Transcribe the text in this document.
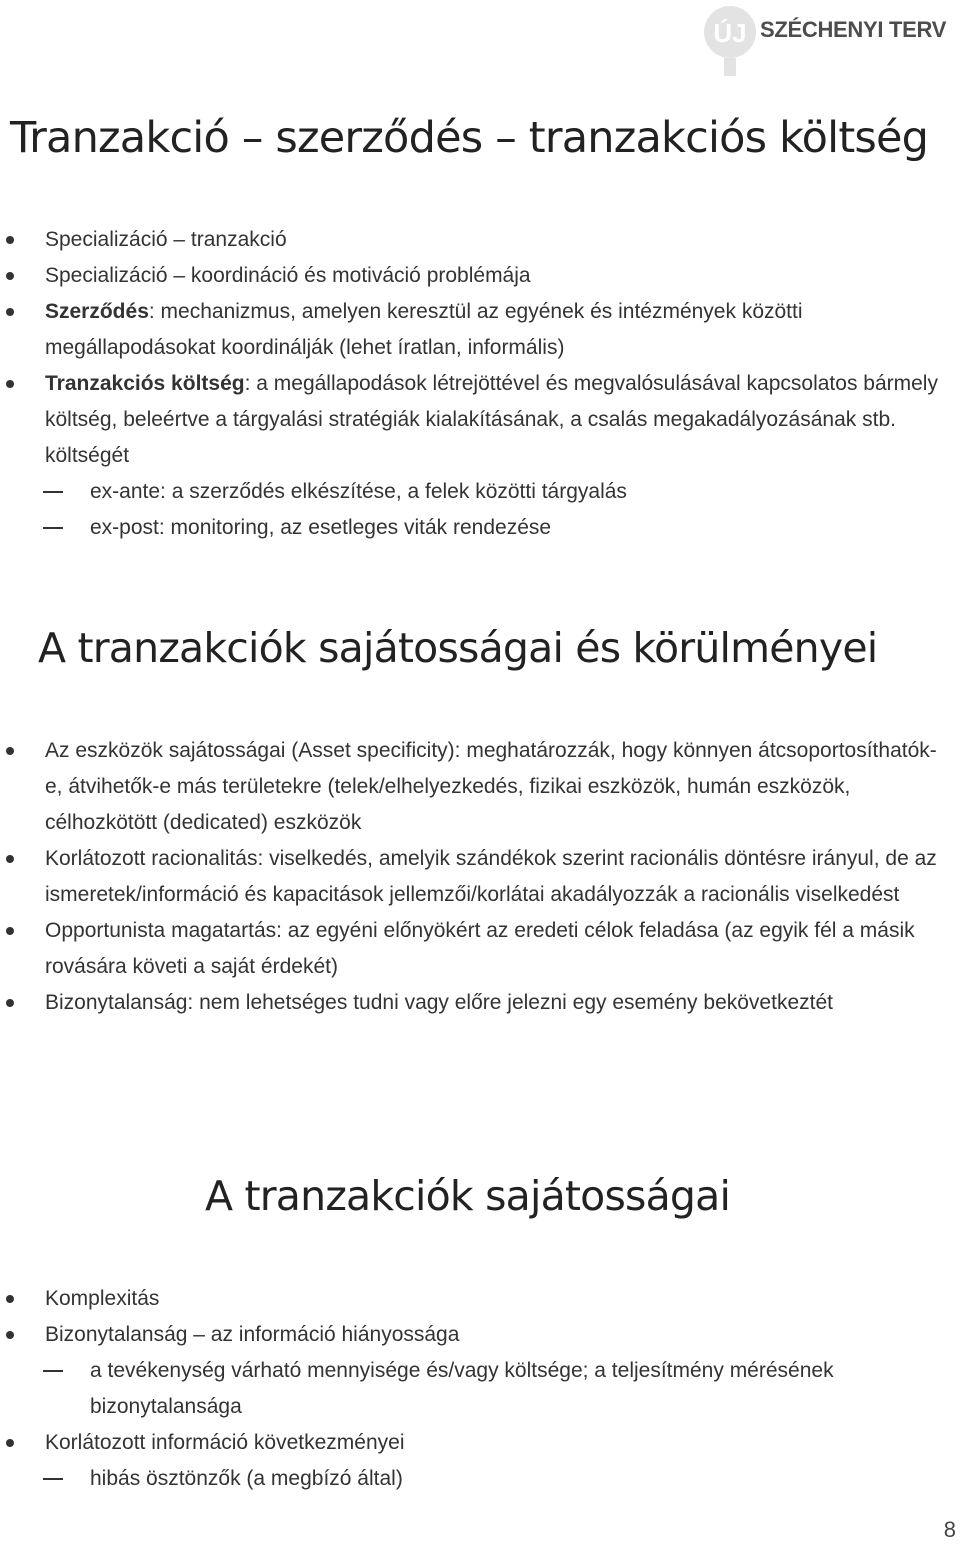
ÚJ SZÉCHENYI TERV
Tranzakció – szerződés – tranzakciós költség
Specializáció – tranzakció
Specializáció – koordináció és motiváció problémája
Szerződés: mechanizmus, amelyen keresztül az egyének és intézmények közötti megállapodásokat koordinálják (lehet íratlan, informális)
Tranzakciós költség: a megállapodások létrejöttével és megvalósulásával kapcsolatos bármely költség, beleértve a tárgyalási stratégiák kialakításának, a csalás megakadályozásának stb. költségét
ex-ante: a szerződés elkészítése, a felek közötti tárgyalás
ex-post: monitoring, az esetleges viták rendezése
A tranzakciók sajátosságai és körülményei
Az eszközök sajátosságai (Asset specificity): meghatározzák, hogy könnyen átcsoportosíthatók-e, átvihetők-e más területekre (telek/elhelyezkedés, fizikai eszközök, humán eszközök, célhozkötött (dedicated) eszközök
Korlátozott racionalitás: viselkedés, amelyik szándékok szerint racionális döntésre irányul, de az ismeretek/információ és kapacitások jellemzői/korlátai akadályozzák a racionális viselkedést
Opportunista magatartás: az egyéni előnyökért az eredeti célok feladása (az egyik fél a másik rovására követi a saját érdekét)
Bizonytalanság: nem lehetséges tudni vagy előre jelezni egy esemény bekövetkeztét
A tranzakciók sajátosságai
Komplexitás
Bizonytalanság – az információ hiányossága
a tevékenység várható mennyisége és/vagy költsége; a teljesítmény mérésének bizonytalansága
Korlátozott információ következményei
hibás ösztönzők (a megbízó által)
8
